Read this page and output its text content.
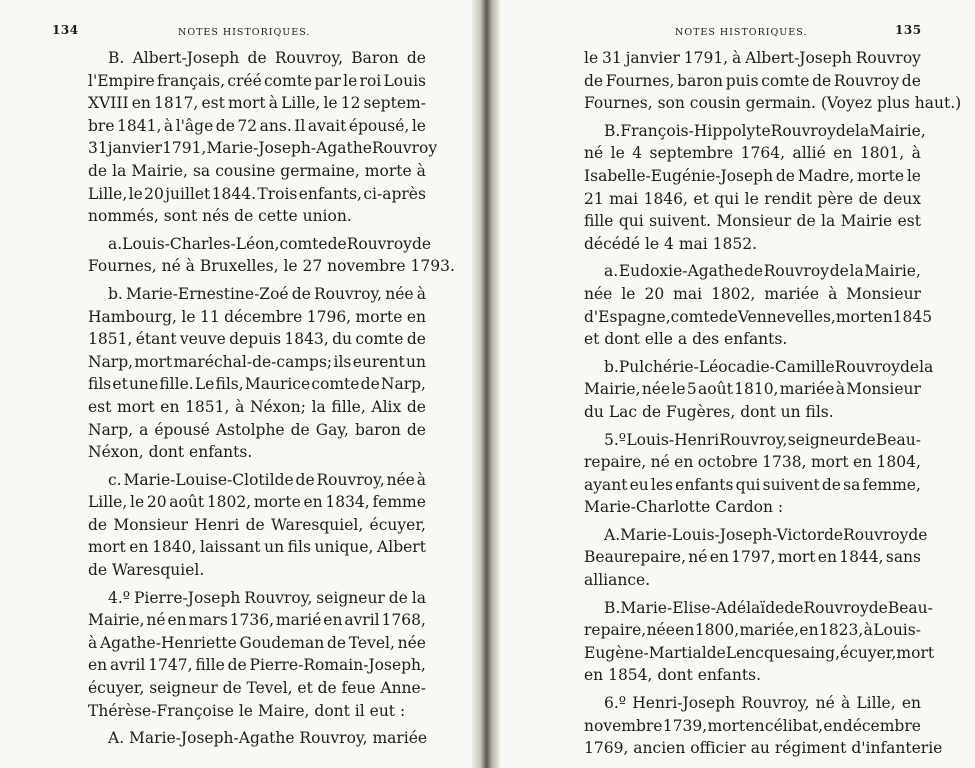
134	NOTES HISTORIQUES.
B. Albert-Joseph de Rouvroy, Baron de
l'Empire français, créé comte par le roi Louis
XVIII en 1817, est mort à Lille, le 12 septem-
bre 1841, à l'âge de 72 ans. Il avait épousé, le
31 janvier 1791, Marie-Joseph-Agathe Rouvroy
de la Mairie, sa cousine germaine, morte à
Lille, le 20 juillet 1844. Trois enfants, ci-après
nommés, sont nés de cette union.
a. Louis-Charles-Léon, comte de Rouvroy de
Fournes, né à Bruxelles, le 27 novembre 1793.
b. Marie-Ernestine-Zoé de Rouvroy, née à
Hambourg, le 11 décembre 1796, morte en
1851, étant veuve depuis 1843, du comte de
Narp, mort maréchal-de-camps; ils eurent un
fils et une fille. Le fils, Maurice comte de Narp,
est mort en 1851, à Néxon; la fille, Alix de
Narp, a épousé Astolphe de Gay, baron de
Néxon, dont enfants.
c. Marie-Louise-Clotilde de Rouvroy, née à
Lille, le 20 août 1802, morte en 1834, femme
de Monsieur Henri de Waresquiel, écuyer,
mort en 1840, laissant un fils unique, Albert
de Waresquiel.
4.º Pierre-Joseph Rouvroy, seigneur de la
Mairie, né en mars 1736, marié en avril 1768,
à Agathe-Henriette Goudeman de Tevel, née
en avril 1747, fille de Pierre-Romain-Joseph,
écuyer, seigneur de Tevel, et de feue Anne-
Thérèse-Françoise le Maire, dont il eut :
A. Marie-Joseph-Agathe Rouvroy, mariée
135
NOTES HISTORIQUES.
le 31 janvier 1791, à Albert-Joseph Rouvroy
de Fournes, baron puis comte de Rouvroy de
Fournes, son cousin germain. (Voyez plus haut.)
B. François-Hippolyte Rouvroy de la Mairie,
né le 4 septembre 1764, allié en 1801, à
Isabelle-Eugénie-Joseph de Madre, morte le
21 mai 1846, et qui le rendit père de deux
fille qui suivent. Monsieur de la Mairie est
décédé le 4 mai 1852.
a. Eudoxie-Agathe de Rouvroy de la Mairie,
née le 20 mai 1802, mariée à Monsieur
d'Espagne, comte de Vennevelles, mort en 1845
et dont elle a des enfants.
b. Pulchérie-Léocadie-Camille Rouvroy de la
Mairie, née le 5 août 1810, mariée à Monsieur
du Lac de Fugères, dont un fils.
5.º Louis-Henri Rouvroy, seigneur de Beau-
repaire, né en octobre 1738, mort en 1804,
ayant eu les enfants qui suivent de sa femme,
Marie-Charlotte Cardon :
A. Marie-Louis-Joseph-Victor de Rouvroy de
Beaurepaire, né en 1797, mort en 1844, sans
alliance.
B. Marie-Elise-Adélaïde de Rouvroy de Beau-
repaire, née en 1800, mariée, en 1823, à Louis-
Eugène-Martial de Lencquesaing, écuyer, mort
en 1854, dont enfants.
6.º Henri-Joseph Rouvroy, né à Lille, en
novembre 1739, mort en célibat, en décembre
1769, ancien officier au régiment d'infanterie
